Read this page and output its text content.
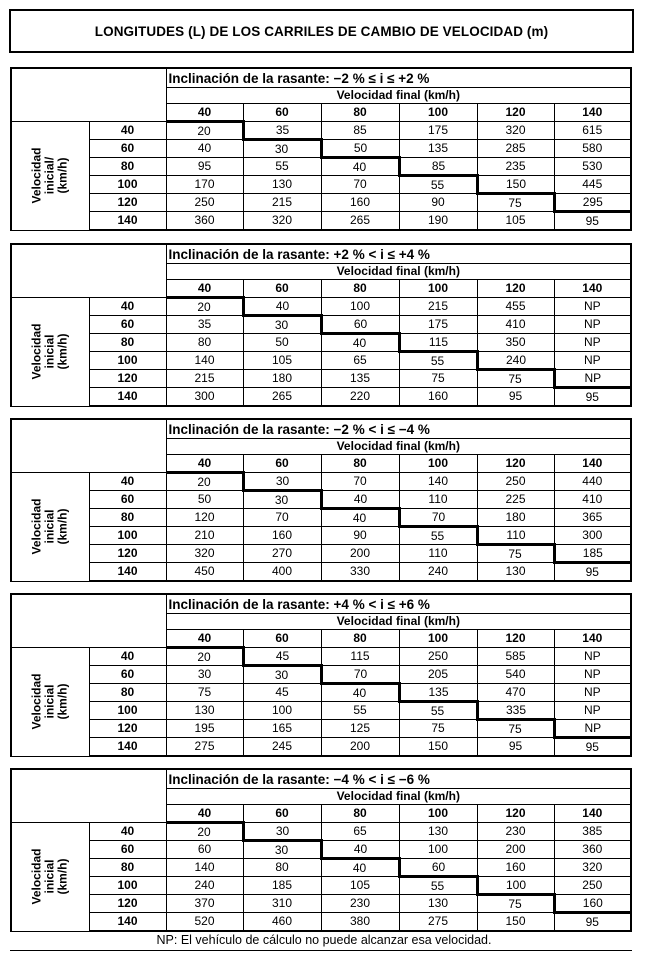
LONGITUDES (L) DE LOS CARRILES DE CAMBIO DE VELOCIDAD (m)
		Inclinación de la rasante: −2 % ≤ i ≤ +2 %					
		Velocidad final (km/h)					
		40	60	80	100	120	140

Velocidad inicial/ (km/h)	40	20	35	85	175	320	615
	60	40	30	50	135	285	580
	80	95	55	40	85	235	530
	100	170	130	70	55	150	445
	120	250	215	160	90	75	295
	140	360	320	265	190	105	95
		Inclinación de la rasante: +2 % < i ≤ +4 %					
		Velocidad final (km/h)					
		40	60	80	100	120	140

Velocidad inicial (km/h)	40	20	40	100	215	455	NP
	60	35	30	60	175	410	NP
	80	80	50	40	115	350	NP
	100	140	105	65	55	240	NP
	120	215	180	135	75	75	NP
	140	300	265	220	160	95	95
		Inclinación de la rasante: −2 % < i ≤ −4 %					
		Velocidad final (km/h)					
		40	60	80	100	120	140

Velocidad inicial (km/h)	40	20	30	70	140	250	440
	60	50	30	40	110	225	410
	80	120	70	40	70	180	365
	100	210	160	90	55	110	300
	120	320	270	200	110	75	185
	140	450	400	330	240	130	95
		Inclinación de la rasante: +4 % < i ≤ +6 %					
		Velocidad final (km/h)					
		40	60	80	100	120	140

Velocidad inicial (km/h)	40	20	45	115	250	585	NP
	60	30	30	70	205	540	NP
	80	75	45	40	135	470	NP
	100	130	100	55	55	335	NP
	120	195	165	125	75	75	NP
	140	275	245	200	150	95	95
		Inclinación de la rasante: −4 % < i ≤ −6 %					
		Velocidad final (km/h)					
		40	60	80	100	120	140

Velocidad inicial (km/h)	40	20	30	65	130	230	385
	60	60	30	40	100	200	360
	80	140	80	40	60	160	320
	100	240	185	105	55	100	250
	120	370	310	230	130	75	160
	140	520	460	380	275	150	95
NP: El vehículo de cálculo no puede alcanzar esa velocidad.
